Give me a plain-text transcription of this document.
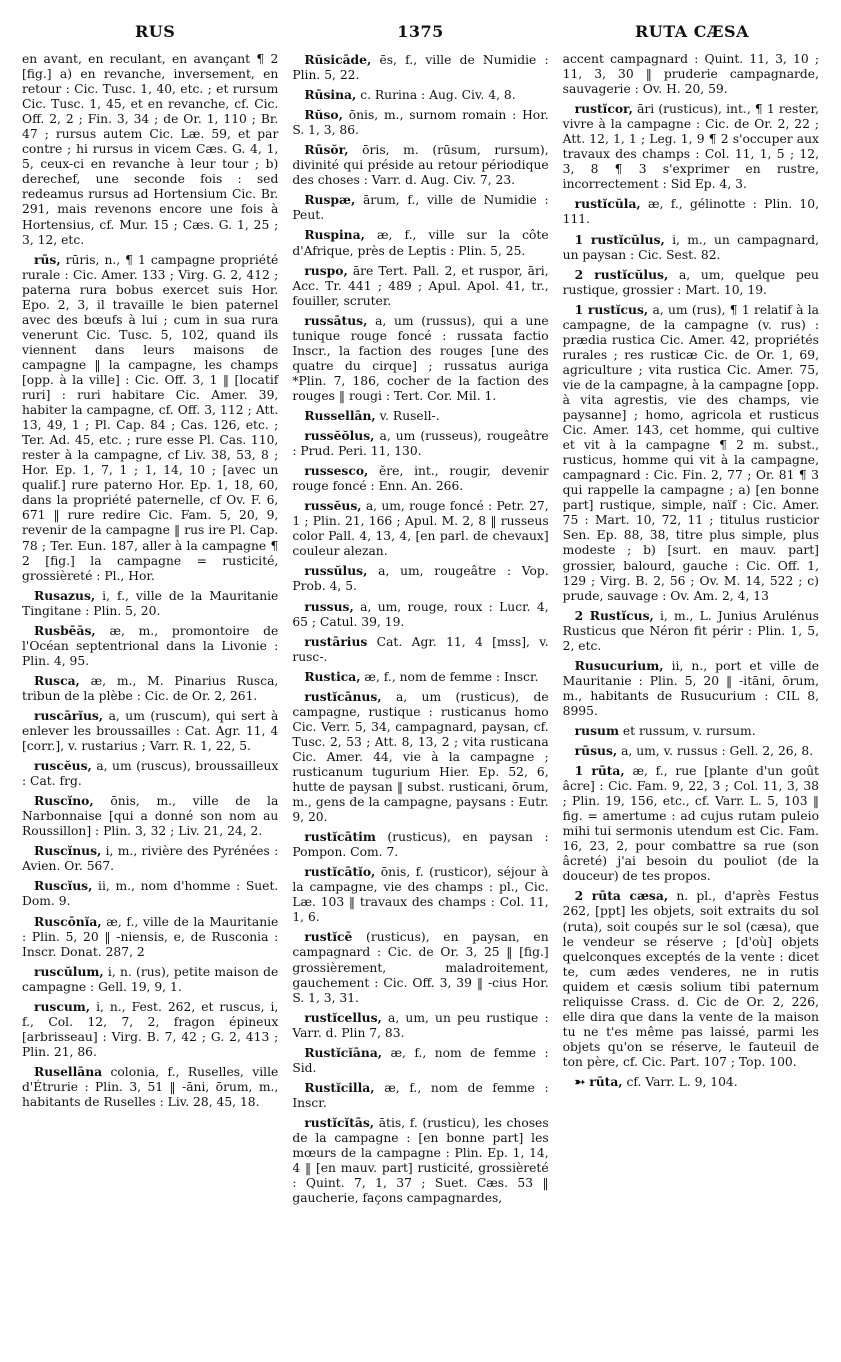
RUS	1375	RUTA CÆSA

en avant, en reculant, en avançant ¶ 2 [fig.] a) en revanche, inversement, en retour : Cic. Tusc. 1, 40, etc. ; et rursum Cic. Tusc. 1, 45, et en revanche, cf. Cic. Off. 2, 2 ; Fin. 3, 34 ; de Or. 1, 110 ; Br. 47 ; rursus autem Cic. Læ. 59, et par contre ; hi rursus in vicem Cæs. G. 4, 1, 5, ceux-ci en revanche à leur tour ; b) derechef, une seconde fois : sed redeamus rursus ad Hortensium Cic. Br. 291, mais revenons encore une fois à Hortensius, cf. Mur. 15 ; Cæs. G. 1, 25 ; 3, 12, etc.

rūs, rūris, n., ¶ 1 campagne propriété rurale : Cic. Amer. 133 ; Virg. G. 2, 412 ; paterna rura bobus exercet suis Hor. Epo. 2, 3, il travaille le bien paternel avec des bœufs à lui ; cum in sua rura venerunt Cic. Tusc. 5, 102, quand ils viennent dans leurs maisons de campagne ‖ la campagne, les champs [opp. à la ville] : Cic. Off. 3, 1 ‖ [locatif ruri] : ruri habitare Cic. Amer. 39, habiter la campagne, cf. Off. 3, 112 ; Att. 13, 49, 1 ; Pl. Cap. 84 ; Cas. 126, etc. ; Ter. Ad. 45, etc. ; rure esse Pl. Cas. 110, rester à la campagne, cf Liv. 38, 53, 8 ; Hor. Ep. 1, 7, 1 ; 1, 14, 10 ; [avec un qualif.] rure paterno Hor. Ep. 1, 18, 60, dans la propriété paternelle, cf Ov. F. 6, 671 ‖ rure redire Cic. Fam. 5, 20, 9, revenir de la campagne ‖ rus ire Pl. Cap. 78 ; Ter. Eun. 187, aller à la campagne ¶ 2 [fig.] la campagne = rusticité, grossièreté : Pl., Hor.

Rusazus, i, f., ville de la Mauritanie Tingitane : Plin. 5, 20.

Rusbēās, æ, m., promontoire de l'Océan septentrional dans la Livonie : Plin. 4, 95.

Rusca, æ, m., M. Pinarius Rusca, tribun de la plèbe : Cic. de Or. 2, 261.

ruscārĭus, a, um (ruscum), qui sert à enlever les broussailles : Cat. Agr. 11, 4 [corr.], v. rustarius ; Varr. R. 1, 22, 5.

ruscĕus, a, um (ruscus), broussailleux : Cat. frg.

Ruscĭno, ōnis, m., ville de la Narbonnaise [qui a donné son nom au Roussillon] : Plin. 3, 32 ; Liv. 21, 24, 2.

Ruscĭnus, i, m., rivière des Pyrénées : Avien. Or. 567.

Ruscĭus, ii, m., nom d'homme : Suet. Dom. 9.

Ruscōnĭa, æ, f., ville de la Mauritanie : Plin. 5, 20 ‖ -niensis, e, de Rusconia : Inscr. Donat. 287, 2

ruscŭlum, i, n. (rus), petite maison de campagne : Gell. 19, 9, 1.

ruscum, i, n., Fest. 262, et ruscus, i, f., Col. 12, 7, 2, fragon épineux [arbrisseau] : Virg. B. 7, 42 ; G. 2, 413 ; Plin. 21, 86.

Rusellāna colonia, f., Ruselles, ville d'Étrurie : Plin. 3, 51 ‖ -āni, ōrum, m., habitants de Ruselles : Liv. 28, 45, 18.

Rŭsicāde, ēs, f., ville de Numidie : Plin. 5, 22.

Rūsina, c. Rurina : Aug. Civ. 4, 8.

Rŭso, ōnis, m., surnom romain : Hor. S. 1, 3, 86.

Rūsŏr, ōris, m. (rūsum, rursum), divinité qui préside au retour périodique des choses : Varr. d. Aug. Civ. 7, 23.

Ruspæ, ārum, f., ville de Numidie : Peut.

Ruspina, æ, f., ville sur la côte d'Afrique, près de Leptis : Plin. 5, 25.

ruspo, āre Tert. Pall. 2, et ruspor, āri, Acc. Tr. 441 ; 489 ; Apul. Apol. 41, tr., fouiller, scruter.

russātus, a, um (russus), qui a une tunique rouge foncé : russata factio Inscr., la faction des rouges [une des quatre du cirque] ; russatus auriga *Plin. 7, 186, cocher de la faction des rouges ‖ rougi : Tert. Cor. Mil. 1.

Russellān, v. Rusell-.

russĕŏlus, a, um (russeus), rougeâtre : Prud. Peri. 11, 130.

russesco, ĕre, int., rougir, devenir rouge foncé : Enn. An. 266.

russĕus, a, um, rouge foncé : Petr. 27, 1 ; Plin. 21, 166 ; Apul. M. 2, 8 ‖ russeus color Pall. 4, 13, 4, [en parl. de chevaux] couleur alezan.

russŭlus, a, um, rougeâtre : Vop. Prob. 4, 5.

russus, a, um, rouge, roux : Lucr. 4, 65 ; Catul. 39, 19.

rustārius Cat. Agr. 11, 4 [mss], v. rusc-.

Rustica, æ, f., nom de femme : Inscr.

rustĭcānus, a, um (rusticus), de campagne, rustique : rusticanus homo Cic. Verr. 5, 34, campagnard, paysan, cf. Tusc. 2, 53 ; Att. 8, 13, 2 ; vita rusticana Cic. Amer. 44, vie à la campagne ; rusticanum tugurium Hier. Ep. 52, 6, hutte de paysan ‖ subst. rusticani, ōrum, m., gens de la campagne, paysans : Eutr. 9, 20.

rustĭcātim (rusticus), en paysan : Pompon. Com. 7.

rustĭcātĭo, ōnis, f. (rusticor), séjour à la campagne, vie des champs : pl., Cic. Læ. 103 ‖ travaux des champs : Col. 11, 1, 6.

rustĭcē (rusticus), en paysan, en campagnard : Cic. de Or. 3, 25 ‖ [fig.] grossièrement, maladroitement, gauchement : Cic. Off. 3, 39 ‖ -cius Hor. S. 1, 3, 31.

rustĭcellus, a, um, un peu rustique : Varr. d. Plin 7, 83.

Rustĭcĭāna, æ, f., nom de femme : Sid.

Rustĭcilla, æ, f., nom de femme : Inscr.

rustĭcĭtās, ātis, f. (rusticu), les choses de la campagne : [en bonne part] les mœurs de la campagne : Plin. Ep. 1, 14, 4 ‖ [en mauv. part] rusticité, grossièreté : Quint. 7, 1, 37 ; Suet. Cæs. 53 ‖ gaucherie, façons campagnardes,

accent campagnard : Quint. 11, 3, 10 ; 11, 3, 30 ‖ pruderie campagnarde, sauvagerie : Ov. H. 20, 59.

rustĭcor, āri (rusticus), int., ¶ 1 rester, vivre à la campagne : Cic. de Or. 2, 22 ; Att. 12, 1, 1 ; Leg. 1, 9 ¶ 2 s'occuper aux travaux des champs : Col. 11, 1, 5 ; 12, 3, 8 ¶ 3 s'exprimer en rustre, incorrectement : Sid Ep. 4, 3.

rustĭcŭla, æ, f., gélinotte : Plin. 10, 111.

1 rustĭcŭlus, i, m., un campagnard, un paysan : Cic. Sest. 82.

2 rustĭcŭlus, a, um, quelque peu rustique, grossier : Mart. 10, 19.

1 rustĭcus, a, um (rus), ¶ 1 relatif à la campagne, de la campagne (v. rus) : prædia rustica Cic. Amer. 42, propriétés rurales ; res rusticæ Cic. de Or. 1, 69, agriculture ; vita rustica Cic. Amer. 75, vie de la campagne, à la campagne [opp. à vita agrestis, vie des champs, vie paysanne] ; homo, agricola et rusticus Cic. Amer. 143, cet homme, qui cultive et vit à la campagne ¶ 2 m. subst., rusticus, homme qui vit à la campagne, campagnard : Cic. Fin. 2, 77 ; Or. 81 ¶ 3 qui rappelle la campagne ; a) [en bonne part] rustique, simple, naïf : Cic. Amer. 75 : Mart. 10, 72, 11 ; titulus rusticior Sen. Ep. 88, 38, titre plus simple, plus modeste ; b) [surt. en mauv. part] grossier, balourd, gauche : Cic. Off. 1, 129 ; Virg. B. 2, 56 ; Ov. M. 14, 522 ; c) prude, sauvage : Ov. Am. 2, 4, 13

2 Rustĭcus, i, m., L. Junius Arulénus Rusticus que Néron fit périr : Plin. 1, 5, 2, etc.

Rusucurium, ii, n., port et ville de Mauritanie : Plin. 5, 20 ‖ -itāni, ōrum, m., habitants de Rusucurium : CIL 8, 8995.

rusum et russum, v. rursum.

rūsus, a, um, v. russus : Gell. 2, 26, 8.

1 rūta, æ, f., rue [plante d'un goût âcre] : Cic. Fam. 9, 22, 3 ; Col. 11, 3, 38 ; Plin. 19, 156, etc., cf. Varr. L. 5, 103 ‖ fig. = amertume : ad cujus rutam puleio mihi tui sermonis utendum est Cic. Fam. 16, 23, 2, pour combattre sa rue (son âcreté) j'ai besoin du pouliot (de la douceur) de tes propos.

2 rūta cæsa, n. pl., d'après Festus 262, [ppt] les objets, soit extraits du sol (ruta), soit coupés sur le sol (cæsa), que le vendeur se réserve ; [d'où] objets quelconques exceptés de la vente : dicet te, cum ædes venderes, ne in rutis quidem et cæsis solium tibi paternum reliquisse Crass. d. Cic de Or. 2, 226, elle dira que dans la vente de la maison tu ne t'es même pas laissé, parmi les objets qu'on se réserve, le fauteuil de ton père, cf. Cic. Part. 107 ; Top. 100.

➳ rūta, cf. Varr. L. 9, 104.
